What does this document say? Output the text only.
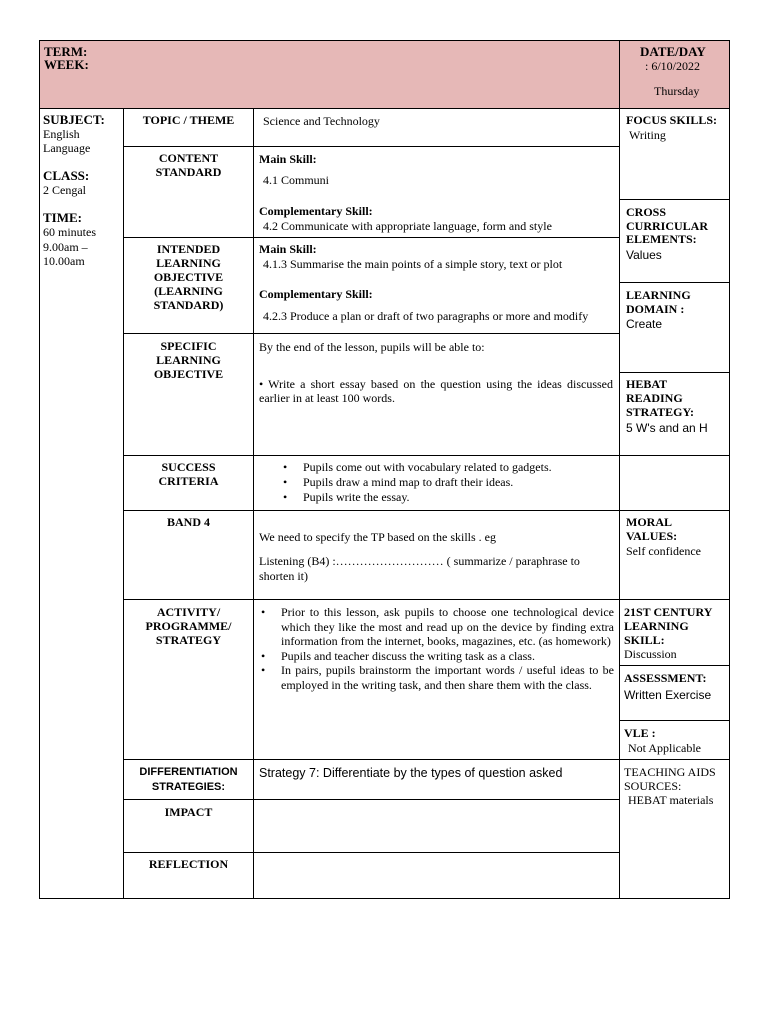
TERM:
WEEK:
DATE/DAY
: 6/10/2022
Thursday
SUBJECT:
English
Language
CLASS:
2 Cengal
TIME:
60 minutes
9.00am –
10.00am
TOPIC / THEME
CONTENT
STANDARD
INTENDED
LEARNING
OBJECTIVE
(LEARNING
STANDARD)
SPECIFIC
LEARNING
OBJECTIVE
SUCCESS
CRITERIA
BAND 4
ACTIVITY/
PROGRAMME/
STRATEGY
DIFFERENTIATION
STRATEGIES:
IMPACT
REFLECTION
Science and Technology
Main Skill:
4.1 Communi
Complementary Skill:
4.2 Communicate with appropriate language, form and style
Main Skill:
4.1.3 Summarise the main points of a simple story, text or plot
Complementary Skill:
4.2.3 Produce a plan or draft of two paragraphs or more and modify
By the end of the lesson, pupils will be able to:
• Write a short essay based on the question using the ideas discussed earlier in at least 100 words.
• Pupils come out with vocabulary related to gadgets.
• Pupils draw a mind map to draft their ideas.
• Pupils write the essay.
We need to specify the TP based on the skills . eg
Listening (B4) :……………………… ( summarize / paraphrase to shorten it)
• Prior to this lesson, ask pupils to choose one technological device which they like the most and read up on the device by finding extra information from the internet, books, magazines, etc. (as homework)
• Pupils and teacher discuss the writing task as a class.
• In pairs, pupils brainstorm the important words / useful ideas to be employed in the writing task, and then share them with the class.
Strategy 7: Differentiate by the types of question asked
FOCUS SKILLS:
Writing
CROSS
CURRICULAR
ELEMENTS:
Values
LEARNING
DOMAIN :
Create
HEBAT
READING
STRATEGY:
5 W's and an H
MORAL
VALUES:
Self confidence
21ST CENTURY
LEARNING
SKILL:
Discussion
ASSESSMENT:
Written Exercise
VLE :
Not Applicable
TEACHING AIDS
SOURCES:
HEBAT materials
